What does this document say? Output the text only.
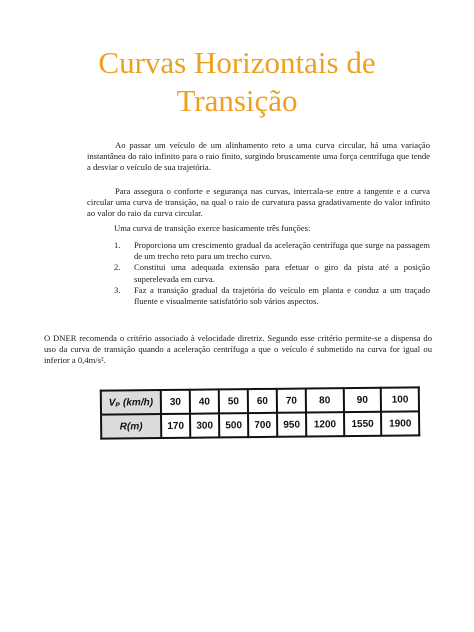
Curvas Horizontais de
Transição

Ao passar um veículo de um alinhamento reto a uma curva circular, há uma variação instantânea do raio infinito para o raio finito, surgindo bruscamente uma força centrífuga que tende a desviar o veículo de sua trajetória.

Para assegura o conforte e segurança nas curvas, intercala-se entre a tangente e a curva circular uma curva de transição, na qual o raio de curvatura passa gradativamente do valor infinito ao valor do raio da curva circular.

Uma curva de transição exerce basicamente três funções:

1. Proporciona um crescimento gradual da aceleração centrífuga que surge na passagem de um trecho reto para um trecho curvo.
2. Constitui uma adequada extensão para efetuar o giro da pista até a posição superelevada em curva.
3. Faz a transição gradual da trajetória do veículo em planta e conduz a um traçado fluente e visualmente satisfatório sob vários aspectos.

O DNER recomenda o critério associado à velocidade diretriz. Segundo esse critério permite-se a dispensa do uso da curva de transição quando a aceleração centrífuga a que o veículo é submetido na curva for igual ou inferior a 0,4m/s².

Vₚ (km/h)	30	40	50	60	70	80	90	100
R(m)	170	300	500	700	950	1200	1550	1900
